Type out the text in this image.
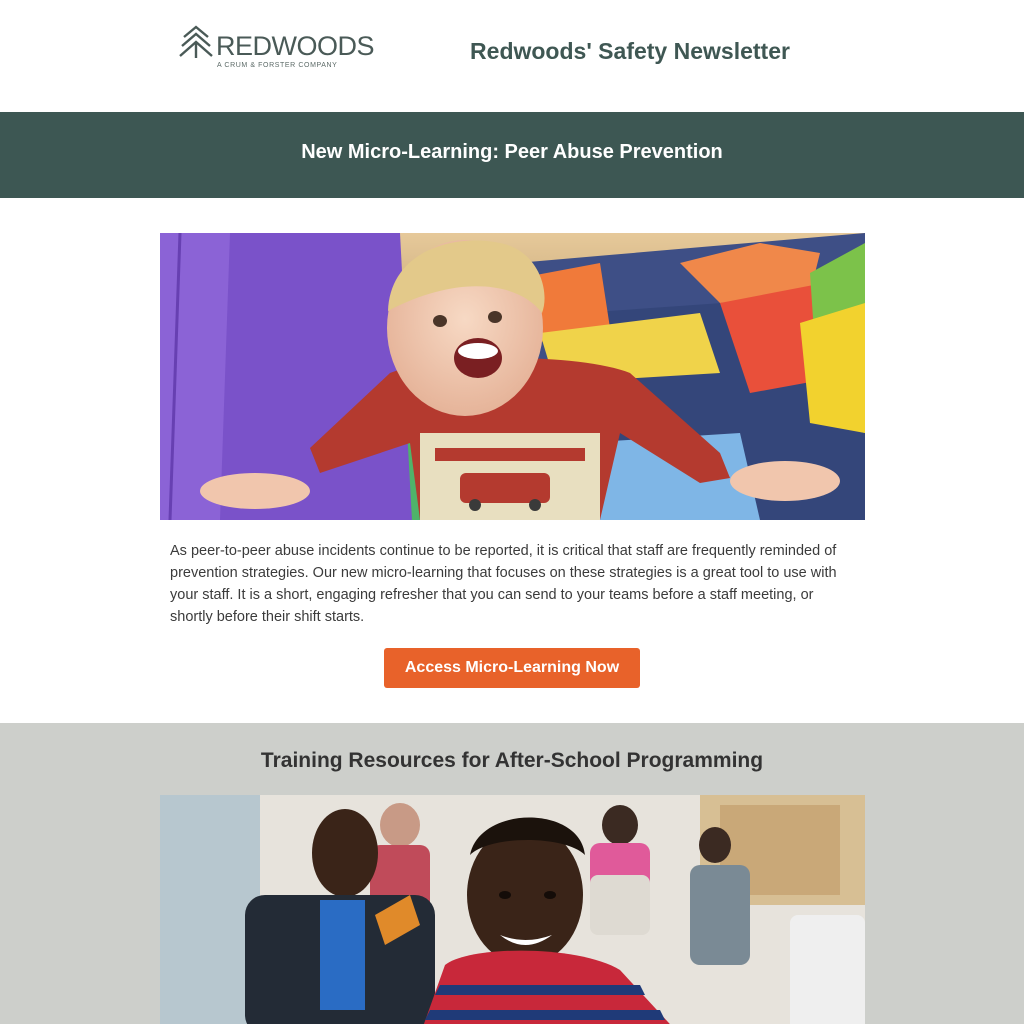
REDWOODS
A CRUM & FORSTER COMPANY
Redwoods' Safety Newsletter
New Micro-Learning: Peer Abuse Prevention
As peer-to-peer abuse incidents continue to be reported, it is critical that staff are frequently reminded of prevention strategies. Our new micro-learning that focuses on these strategies is a great tool to use with your staff. It is a short, engaging refresher that you can send to your teams before a staff meeting, or shortly before their shift starts.
Access Micro-Learning Now
Training Resources for After-School Programming
